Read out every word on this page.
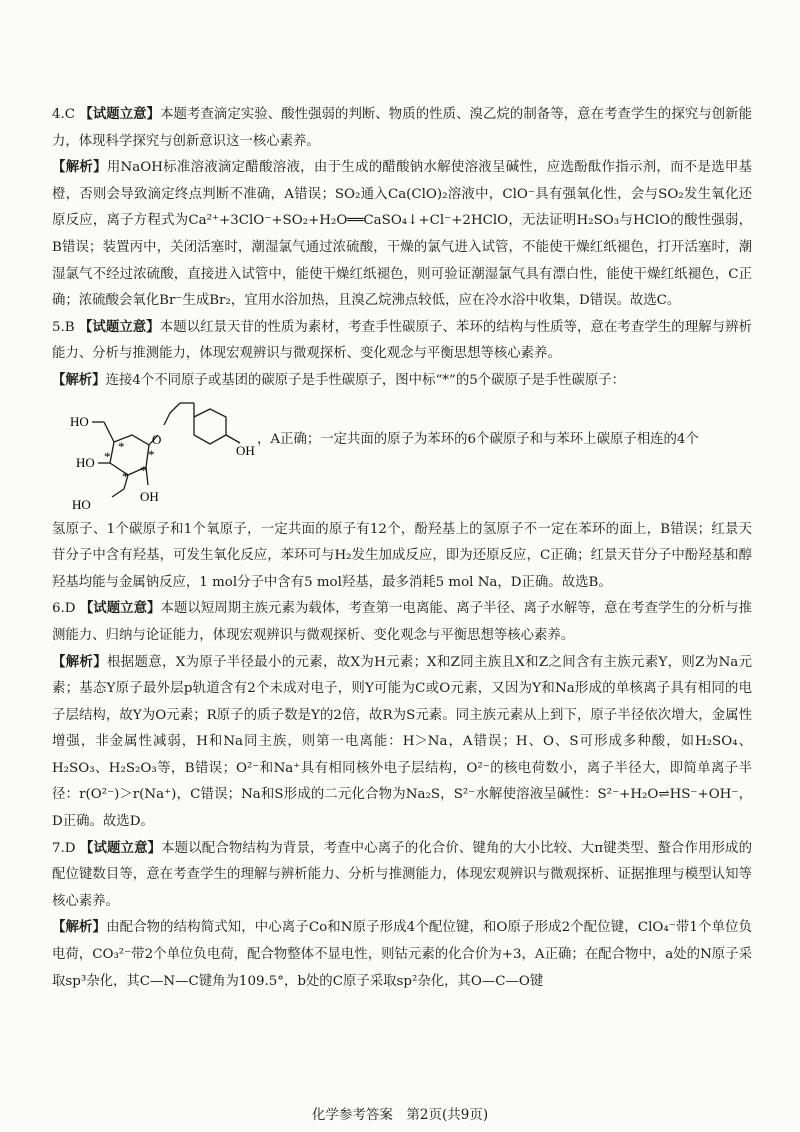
4.C 【试题立意】本题考查滴定实验、酸性强弱的判断、物质的性质、溴乙烷的制备等，意在考查学生的探究与创新能力，体现科学探究与创新意识这一核心素养。

【解析】用NaOH标准溶液滴定醋酸溶液，由于生成的醋酸钠水解使溶液呈碱性，应选酚酞作指示剂，而不是选甲基橙，否则会导致滴定终点判断不准确，A错误；SO₂通入Ca(ClO)₂溶液中，ClO⁻具有强氧化性，会与SO₂发生氧化还原反应，离子方程式为Ca²⁺+3ClO⁻+SO₂+H₂O══CaSO₄↓+Cl⁻+2HClO，无法证明H₂SO₃与HClO的酸性强弱，B错误；装置丙中，关闭活塞时，潮湿氯气通过浓硫酸，干燥的氯气进入试管，不能使干燥红纸褪色，打开活塞时，潮湿氯气不经过浓硫酸，直接进入试管中，能使干燥红纸褪色，则可验证潮湿氯气具有漂白性，能使干燥红纸褪色，C正确；浓硫酸会氧化Br⁻生成Br₂，宜用水浴加热，且溴乙烷沸点较低，应在冷水浴中收集，D错误。故选C。

5.B 【试题立意】本题以红景天苷的性质为素材，考查手性碳原子、苯环的结构与性质等，意在考查学生的理解与辨析能力、分析与推测能力，体现宏观辨识与微观探析、变化观念与平衡思想等核心素养。

【解析】连接4个不同原子或基团的碳原子是手性碳原子，图中标“*”的5个碳原子是手性碳原子：

HO
O
HO
HO
OH
OH
*
*
*
*
*
，A正确；一定共面的原子为苯环的6个碳原子和与苯环上碳原子相连的4个

氢原子、1个碳原子和1个氧原子，一定共面的原子有12个，酚羟基上的氢原子不一定在苯环的面上，B错误；红景天苷分子中含有羟基，可发生氧化反应，苯环可与H₂发生加成反应，即为还原反应，C正确；红景天苷分子中酚羟基和醇羟基均能与金属钠反应，1 mol分子中含有5 mol羟基，最多消耗5 mol Na，D正确。故选B。

6.D 【试题立意】本题以短周期主族元素为载体，考查第一电离能、离子半径、离子水解等，意在考查学生的分析与推测能力、归纳与论证能力，体现宏观辨识与微观探析、变化观念与平衡思想等核心素养。

【解析】根据题意，X为原子半径最小的元素，故X为H元素；X和Z同主族且X和Z之间含有主族元素Y，则Z为Na元素；基态Y原子最外层p轨道含有2个未成对电子，则Y可能为C或O元素，又因为Y和Na形成的单核离子具有相同的电子层结构，故Y为O元素；R原子的质子数是Y的2倍，故R为S元素。同主族元素从上到下，原子半径依次增大，金属性增强，非金属性减弱，H和Na同主族，则第一电离能：H＞Na，A错误；H、O、S可形成多种酸，如H₂SO₄、H₂SO₃、H₂S₂O₃等，B错误；O²⁻和Na⁺具有相同核外电子层结构，O²⁻的核电荷数小，离子半径大，即简单离子半径：r(O²⁻)＞r(Na⁺)，C错误；Na和S形成的二元化合物为Na₂S，S²⁻水解使溶液呈碱性：S²⁻+H₂O⇌HS⁻+OH⁻，D正确。故选D。

7.D 【试题立意】本题以配合物结构为背景，考查中心离子的化合价、键角的大小比较、大π键类型、螯合作用形成的配位键数目等，意在考查学生的理解与辨析能力、分析与推测能力，体现宏观辨识与微观探析、证据推理与模型认知等核心素养。

【解析】由配合物的结构简式知，中心离子Co和N原子形成4个配位键，和O原子形成2个配位键，ClO₄⁻带1个单位负电荷，CO₃²⁻带2个单位负电荷，配合物整体不显电性，则钴元素的化合价为+3，A正确；在配合物中，a处的N原子采取sp³杂化，其C—N—C键角为109.5°，b处的C原子采取sp²杂化，其O—C—O键

化学参考答案　第2页(共9页)
